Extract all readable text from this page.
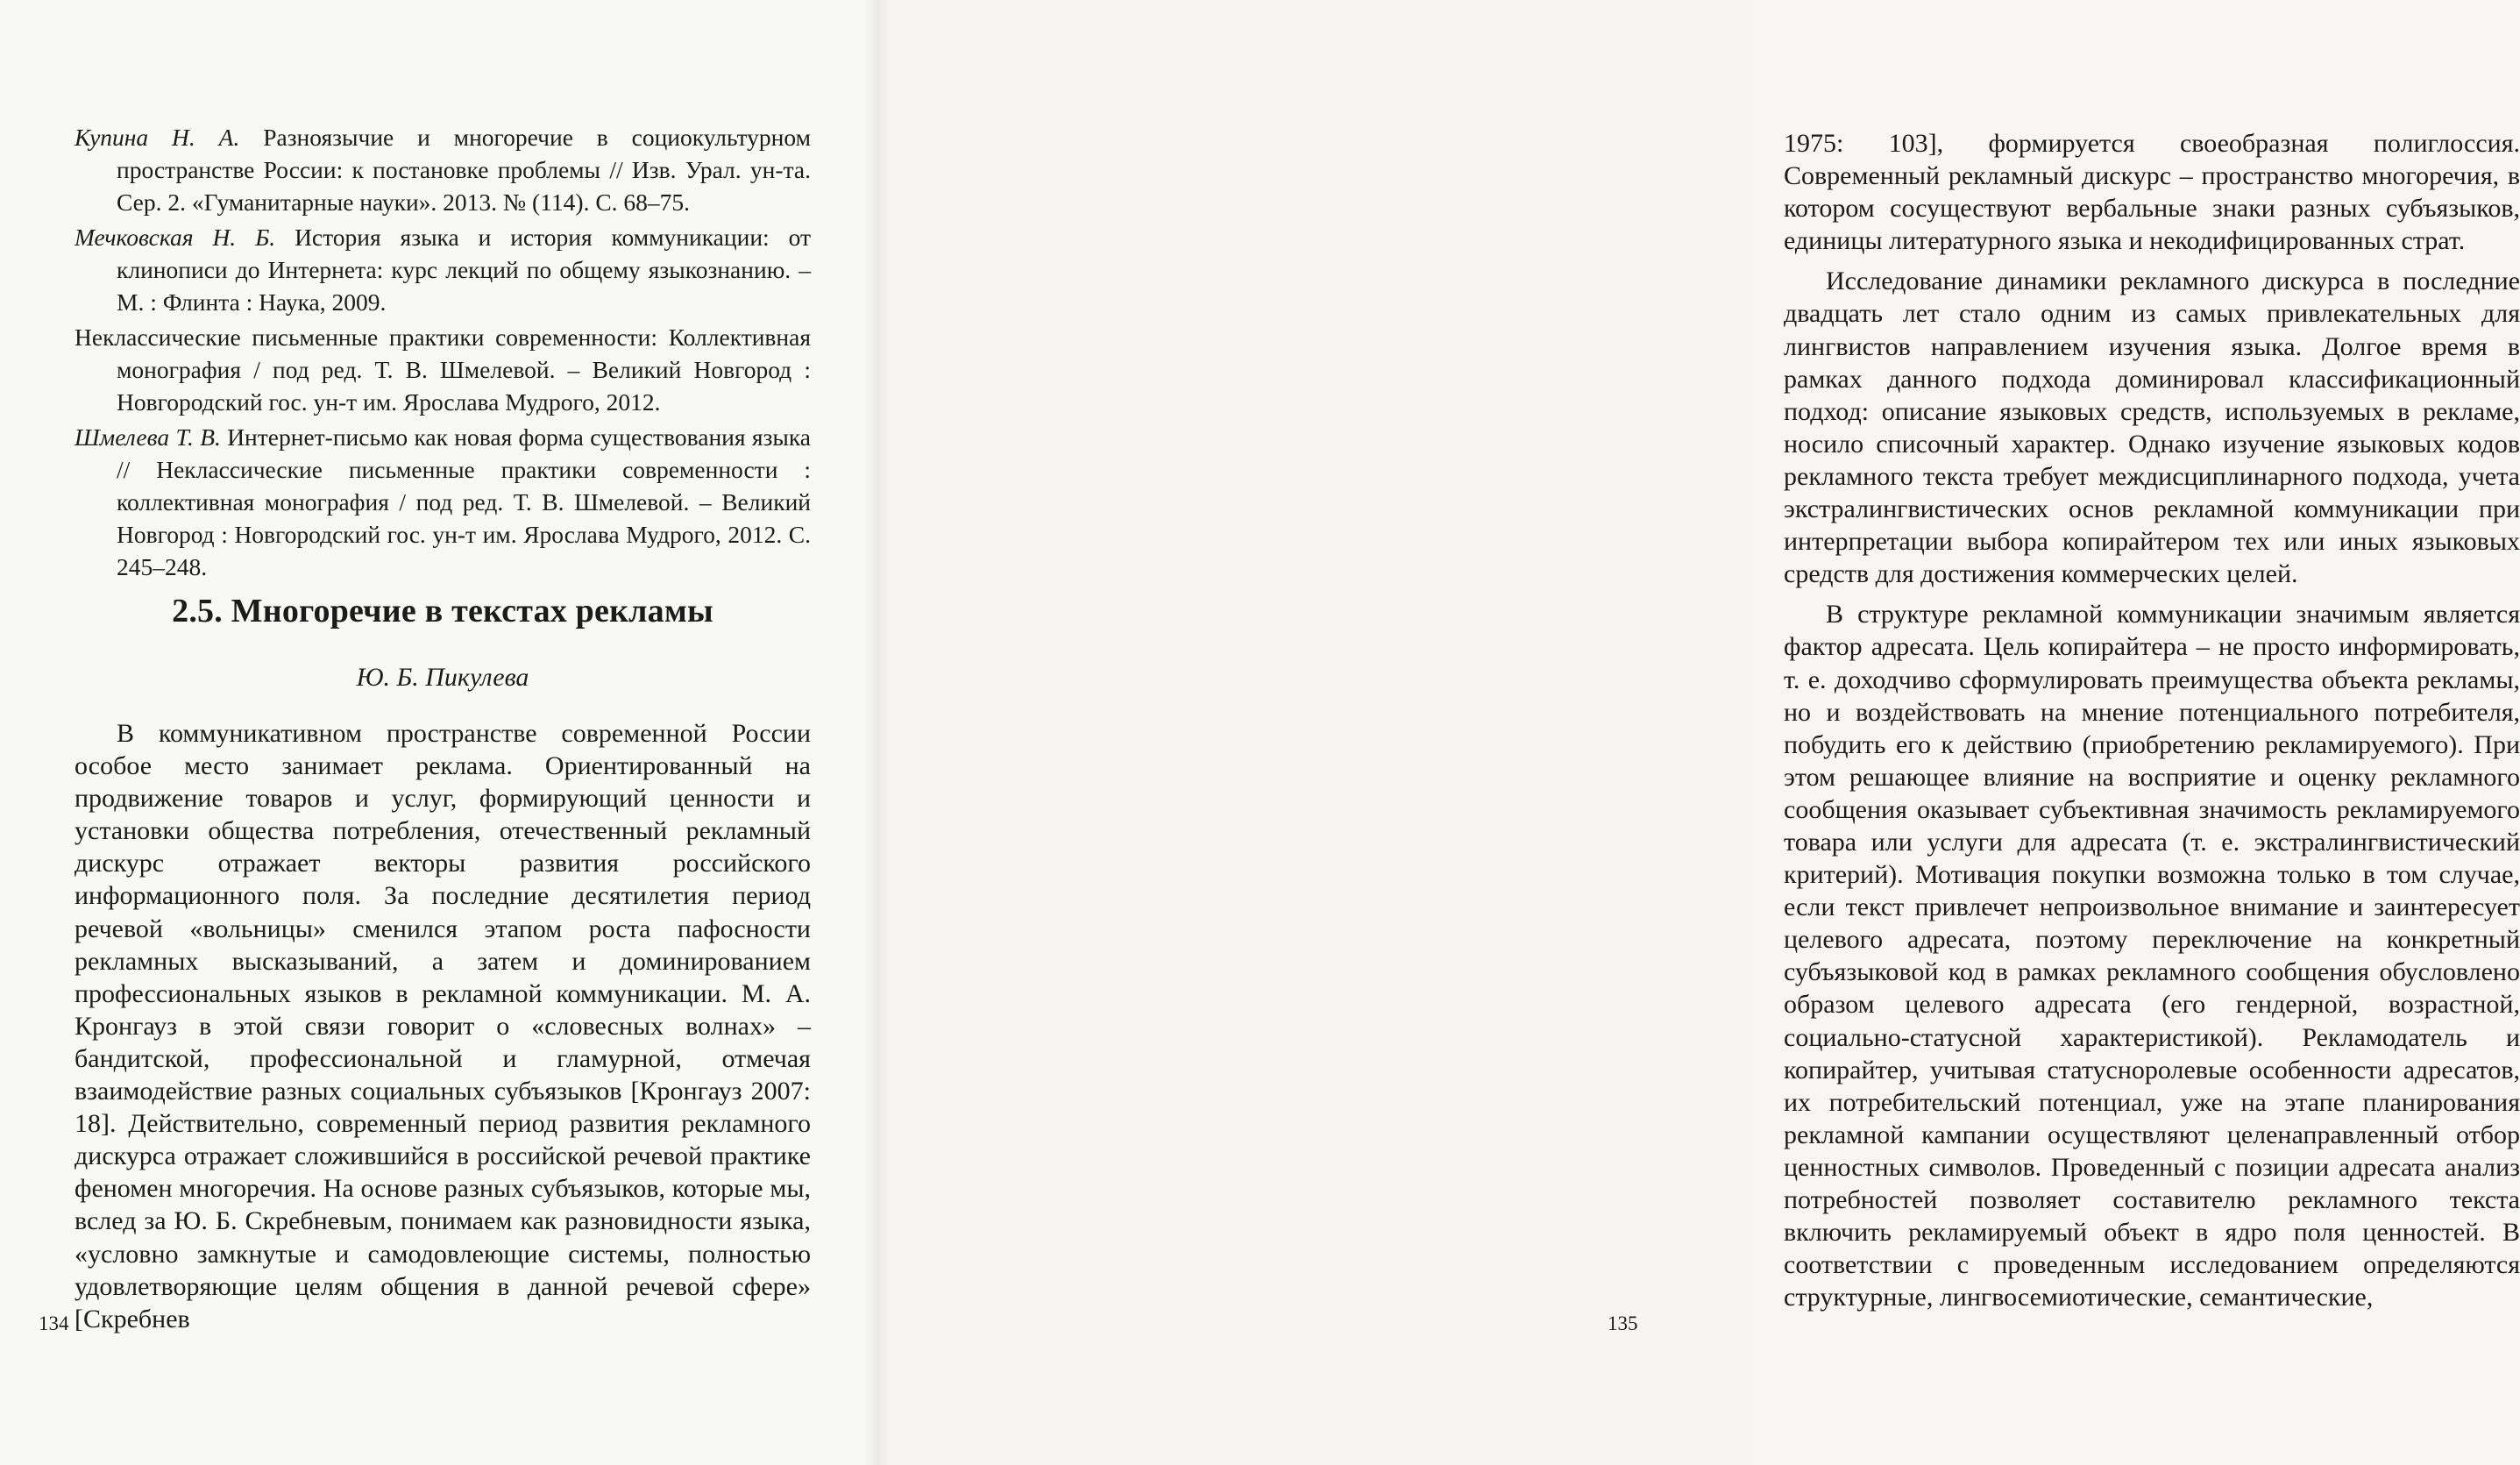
Купина Н. А. Разноязычие и многоречие в социокультурном пространстве России: к постановке проблемы // Изв. Урал. ун-та. Сер. 2. «Гуманитарные науки». 2013. № (114). С. 68–75.

Мечковская Н. Б. История языка и история коммуникации: от клинописи до Интернета: курс лекций по общему языкознанию. – М. : Флинта : Наука, 2009.

Неклассические письменные практики современности: Коллективная монография / под ред. Т. В. Шмелевой. – Великий Новгород : Новгородский гос. ун-т им. Ярослава Мудрого, 2012.

Шмелева Т. В. Интернет-письмо как новая форма существования языка // Неклассические письменные практики современности : коллективная монография / под ред. Т. В. Шмелевой. – Великий Новгород : Новгородский гос. ун-т им. Ярослава Мудрого, 2012. С. 245–248.

2.5. Многоречие в текстах рекламы

Ю. Б. Пикулева

В коммуникативном пространстве современной России особое место занимает реклама. Ориентированный на продвижение товаров и услуг, формирующий ценности и установки общества потребления, отечественный рекламный дискурс отражает векторы развития российского информационного поля. За последние десятилетия период речевой «вольницы» сменился этапом роста пафосности рекламных высказываний, а затем и доминированием профессиональных языков в рекламной коммуникации. М. А. Кронгауз в этой связи говорит о «словесных волнах» – бандитской, профессиональной и гламурной, отмечая взаимодействие разных социальных субъязыков [Кронгауз 2007: 18]. Действительно, современный период развития рекламного дискурса отражает сложившийся в российской речевой практике феномен многоречия. На основе разных субъязыков, которые мы, вслед за Ю. Б. Скребневым, понимаем как разновидности языка, «условно замкнутые и самодовлеющие системы, полностью удовлетворяющие целям общения в данной речевой сфере» [Скребнев

134

1975: 103], формируется своеобразная полиглоссия. Современный рекламный дискурс – пространство многоречия, в котором сосуществуют вербальные знаки разных субъязыков, единицы литературного языка и некодифицированных страт.

Исследование динамики рекламного дискурса в последние двадцать лет стало одним из самых привлекательных для лингвистов направлением изучения языка. Долгое время в рамках данного подхода доминировал классификационный подход: описание языковых средств, используемых в рекламе, носило списочный характер. Однако изучение языковых кодов рекламного текста требует междисциплинарного подхода, учета экстралингвистических основ рекламной коммуникации при интерпретации выбора копирайтером тех или иных языковых средств для достижения коммерческих целей.

В структуре рекламной коммуникации значимым является фактор адресата. Цель копирайтера – не просто информировать, т. е. доходчиво сформулировать преимущества объекта рекламы, но и воздействовать на мнение потенциального потребителя, побудить его к действию (приобретению рекламируемого). При этом решающее влияние на восприятие и оценку рекламного сообщения оказывает субъективная значимость рекламируемого товара или услуги для адресата (т. е. экстралингвистический критерий). Мотивация покупки возможна только в том случае, если текст привлечет непроизвольное внимание и заинтересует целевого адресата, поэтому переключение на конкретный субъязыковой код в рамках рекламного сообщения обусловлено образом целевого адресата (его гендерной, возрастной, социально-статусной характеристикой). Рекламодатель и копирайтер, учитывая статусноролевые особенности адресатов, их потребительский потенциал, уже на этапе планирования рекламной кампании осуществляют целенаправленный отбор ценностных символов. Проведенный с позиции адресата анализ потребностей позволяет составителю рекламного текста включить рекламируемый объект в ядро поля ценностей. В соответствии с проведенным исследованием определяются структурные, лингвосемиотические, семантические,

135
